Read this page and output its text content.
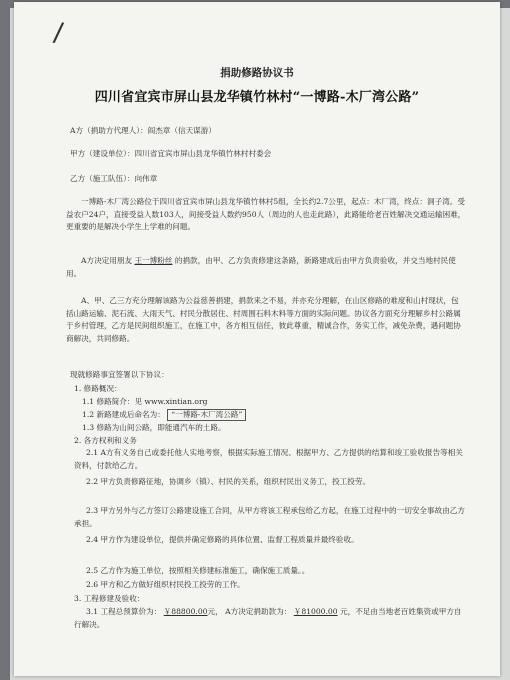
/
捐助修路协议书
四川省宜宾市屏山县龙华镇竹林村“一博路-木厂湾公路”
A方（捐助方代理人）：阎杰章（信天谋游）
甲方（建设单位）：四川省宜宾市屏山县龙华镇竹林村村委会
乙方（施工队伍）：向伟章
一博路-木厂湾公路位于四川省宜宾市屏山县龙华镇竹林村5组，全长约2.7公里，起点：木厂湾，终点：洞子湾。受益农户24户，直接受益人数103人，间接受益人数约950人（周边的人也走此路），此路能给老百姓解决交通运输困难，更重要的是解决小学生上学难的问题。
A方决定用朋友 王一博粉丝 的捐款，由甲、乙方负责修建这条路，新路建成后由甲方负责验收，并交当地村民使用。
A、甲、乙三方充分理解该路为公益慈善捐建，捐款来之不易，并亦充分理解，在山区修路的难度和山村现状，包括山路运输、泥石流、大雨天气、村民分散居住、村周围石料木料等方面的实际问题。协议各方面充分理解乡村公路属于乡村管理，乙方是民间组织施工，在施工中，各方相互信任，彼此尊重，精诚合作，务实工作，减免杂费，遇问题协商解决，共同修路。
现就修路事宜签署以下协议：
1. 修路概况：
1.1 修路简介：见 www.xintian.org
1.2 新路建成后命名为： “一博路-木厂湾公路”
1.3 修路为山间公路，即能通汽车的土路。
2. 各方权利和义务
2.1 A方有义务自己或委托他人实地考察，根据实际施工情况、根据甲方、乙方提供的结算和竣工验收报告等相关资料，付款给乙方。
2.2 甲方负责修路征地，协调乡（镇）、村民的关系，组织村民出义务工，投工投劳。
2.3 甲方另外与乙方签订公路建设施工合同，从甲方将该工程承包给乙方起，在施工过程中的一切安全事故由乙方承担。
2.4 甲方作为建设单位，提供并确定修路的具体位置、监督工程质量并最终验收。
2.5 乙方作为施工单位，按照相关修建标准施工，确保施工质量。。
2.6 甲方和乙方做好组织村民投工投劳的工作。
3. 工程修建及验收：
3.1 工程总预算价为： ￥88800.00元， A方决定捐助款为： ￥81000.00 元，不足由当地老百姓集资或甲方自行解决。
